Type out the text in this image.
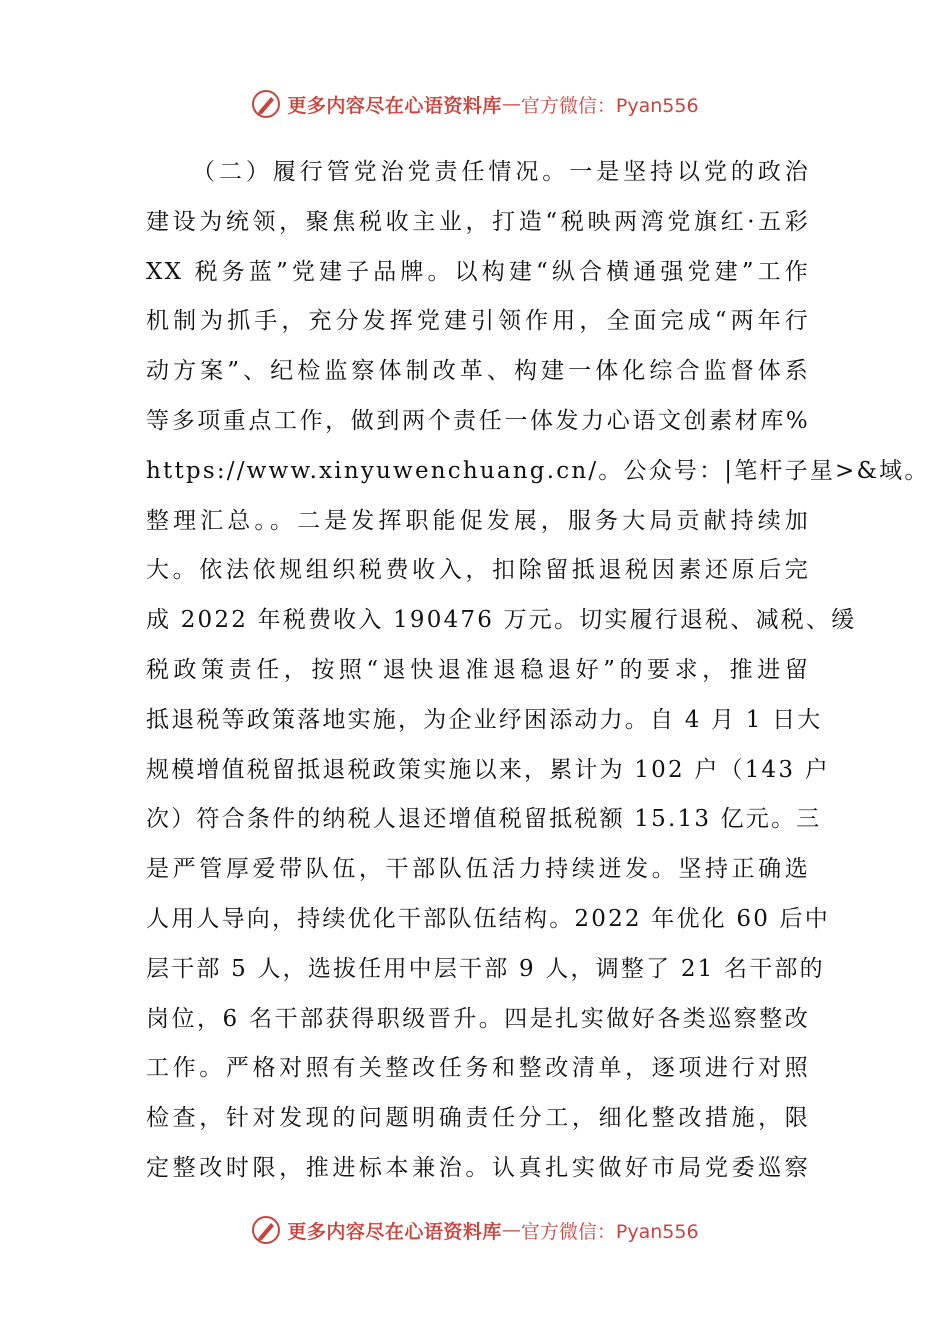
更多内容尽在心语资料库 — 官方微信：Pyan556
（二）履行管党治党责任情况。一是坚持以党的政治
建设为统领，聚焦税收主业，打造“税映两湾党旗红·五彩
XX 税务蓝”党建子品牌。以构建“纵合横通强党建”工作
机制为抓手，充分发挥党建引领作用，全面完成“两年行
动方案”、纪检监察体制改革、构建一体化综合监督体系
等多项重点工作，做到两个责任一体发力心语文创素材库%
https://www.xinyuwenchuang.cn/。公众号：|笔杆子星>&域。
整理汇总。。二是发挥职能促发展，服务大局贡献持续加
大。依法依规组织税费收入，扣除留抵退税因素还原后完
成 2022 年税费收入 190476 万元。切实履行退税、减税、缓
税政策责任，按照“退快退准退稳退好”的要求，推进留
抵退税等政策落地实施，为企业纾困添动力。自 4 月 1 日大
规模增值税留抵退税政策实施以来，累计为 102 户（143 户
次）符合条件的纳税人退还增值税留抵税额 15.13 亿元。三
是严管厚爱带队伍，干部队伍活力持续迸发。坚持正确选
人用人导向，持续优化干部队伍结构。2022 年优化 60 后中
层干部 5 人，选拔任用中层干部 9 人，调整了 21 名干部的
岗位，6 名干部获得职级晋升。四是扎实做好各类巡察整改
工作。严格对照有关整改任务和整改清单，逐项进行对照
检查，针对发现的问题明确责任分工，细化整改措施，限
定整改时限，推进标本兼治。认真扎实做好市局党委巡察
更多内容尽在心语资料库 — 官方微信：Pyan556
